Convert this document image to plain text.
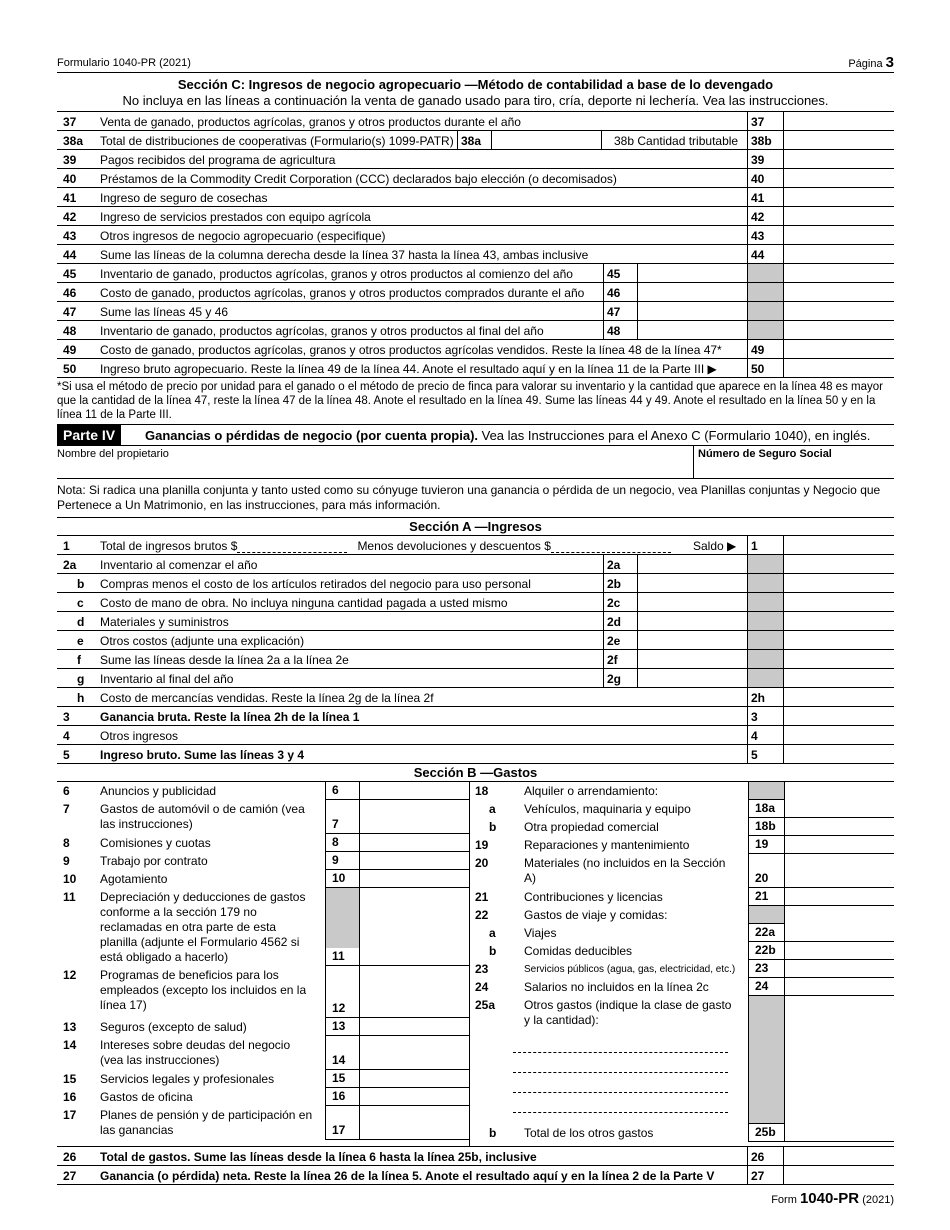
Formulario 1040-PR (2021)	Página 3
Sección C: Ingresos de negocio agropecuario —Método de contabilidad a base de lo devengado
No incluya en las líneas a continuación la venta de ganado usado para tiro, cría, deporte ni lechería. Vea las instrucciones.
37 Venta de ganado, productos agrícolas, granos y otros productos durante el año	37
38a Total de distribuciones de cooperativas (Formulario(s) 1099-PATR) 38a	38b Cantidad tributable 38b
39 Pagos recibidos del programa de agricultura	39
40 Préstamos de la Commodity Credit Corporation (CCC) declarados bajo elección (o decomisados)	40
41 Ingreso de seguro de cosechas	41
42 Ingreso de servicios prestados con equipo agrícola	42
43 Otros ingresos de negocio agropecuario (especifique)	43
44 Sume las líneas de la columna derecha desde la línea 37 hasta la línea 43, ambas inclusive	44
45 Inventario de ganado, productos agrícolas, granos y otros productos al comienzo del año	45
46 Costo de ganado, productos agrícolas, granos y otros productos comprados durante el año 46
47 Sume las líneas 45 y 46	47
48 Inventario de ganado, productos agrícolas, granos y otros productos al final del año	48
49 Costo de ganado, productos agrícolas, granos y otros productos agrícolas vendidos. Reste la línea 48 de la línea 47* 49
50 Ingreso bruto agropecuario. Reste la línea 49 de la línea 44. Anote el resultado aquí y en la línea 11 de la Parte III ▶	50
*Si usa el método de precio por unidad para el ganado o el método de precio de finca para valorar su inventario y la cantidad que aparece en la línea 48 es mayor que la cantidad de la línea 47, reste la línea 47 de la línea 48. Anote el resultado en la línea 49. Sume las líneas 44 y 49. Anote el resultado en la línea 50 y en la línea 11 de la Parte III.
Parte IV	Ganancias o pérdidas de negocio (por cuenta propia). Vea las Instrucciones para el Anexo C (Formulario 1040), en inglés.
Nombre del propietario	Número de Seguro Social
Nota: Si radica una planilla conjunta y tanto usted como su cónyuge tuvieron una ganancia o pérdida de un negocio, vea Planillas conjuntas y Negocio que Pertenece a Un Matrimonio, en las instrucciones, para más información.
Sección A —Ingresos
1	Total de ingresos brutos $	Menos devoluciones y descuentos $	Saldo ▶ 1
2a Inventario al comenzar el año	2a
b Compras menos el costo de los artículos retirados del negocio para uso personal	2b
c Costo de mano de obra. No incluya ninguna cantidad pagada a usted mismo	2c
d Materiales y suministros	2d
e Otros costos (adjunte una explicación)	2e
f Sume las líneas desde la línea 2a a la línea 2e	2f
g Inventario al final del año	2g
h Costo de mercancías vendidas. Reste la línea 2g de la línea 2f	2h
3	Ganancia bruta. Reste la línea 2h de la línea 1	3
4	Otros ingresos	4
5	Ingreso bruto. Sume las líneas 3 y 4	5
Sección B —Gastos
6	Anuncios y publicidad	6
7	Gastos de automóvil o de camión (vea las instrucciones)	7
8	Comisiones y cuotas	8
9	Trabajo por contrato	9
10 Agotamiento	10
11 Depreciación y deducciones de gastos conforme a la sección 179 no reclamadas en otra parte de esta planilla (adjunte el Formulario 4562 si está obligado a hacerlo)	11
12 Programas de beneficios para los empleados (excepto los incluidos en la línea 17)	12
13 Seguros (excepto de salud)	13
14 Intereses sobre deudas del negocio (vea las instrucciones)	14
15 Servicios legales y profesionales	15
16 Gastos de oficina	16
17 Planes de pensión y de participación en las ganancias	17
18	Alquiler o arrendamiento:
a Vehículos, maquinaria y equipo	18a
b Otra propiedad comercial	18b
19	Reparaciones y mantenimiento	19
20	Materiales (no incluidos en la Sección A)	20
21	Contribuciones y licencias	21
22	Gastos de viaje y comidas:
a Viajes	22a
b Comidas deducibles	22b
23	Servicios públicos (agua, gas, electricidad, etc.)	23
24	Salarios no incluidos en la línea 2c	24
25a Otros gastos (indique la clase de gasto y la cantidad):
b Total de los otros gastos	25b
26 Total de gastos. Sume las líneas desde la línea 6 hasta la línea 25b, inclusive	26
27 Ganancia (o pérdida) neta. Reste la línea 26 de la línea 5. Anote el resultado aquí y en la línea 2 de la Parte V	27
Form 1040-PR (2021)
